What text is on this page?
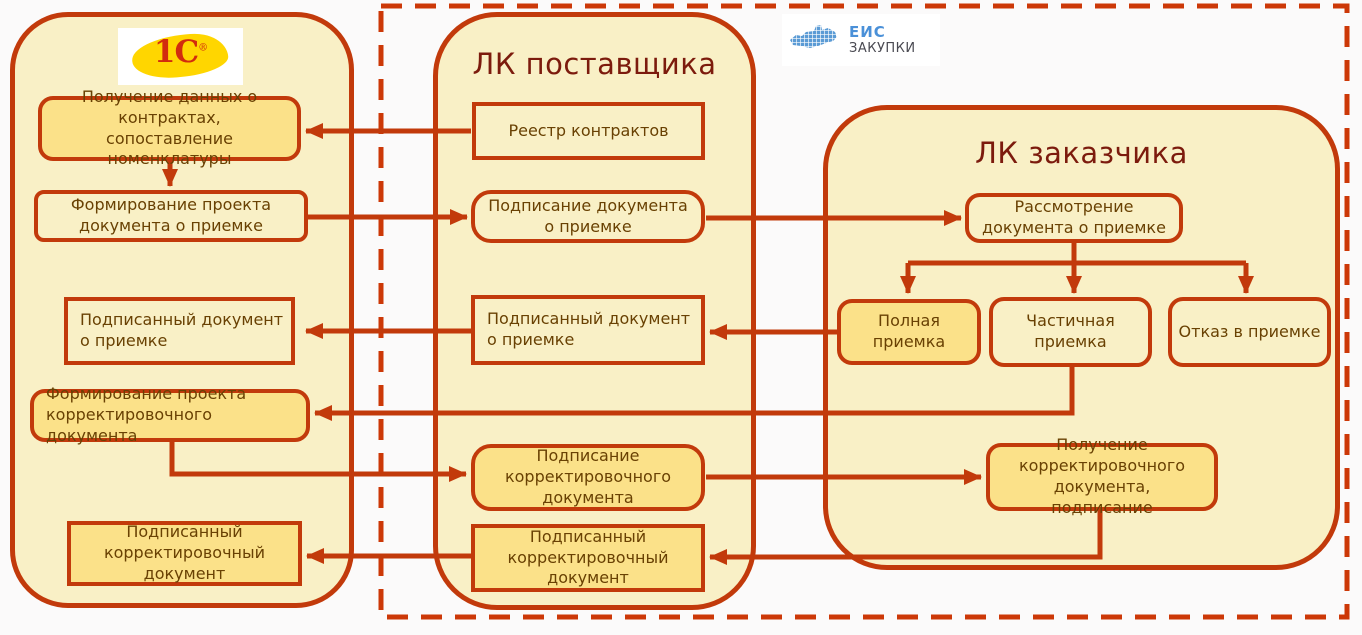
1С®	ЛК поставщика
ЛК заказчика
ЕИС
ЗАКУПКИ
Получение данных о контрактах, сопоставление номенклатуры
Формирование проекта документа о приемке
Подписанный документ о приемке
Формирование проекта корректировочного документа
Подписанный корректировочный документ
Реестр контрактов
Подписание документа о приемке
Подписанный документ о приемке
Подписание корректировочного документа
Подписанный корректировочный документ
Рассмотрение документа о приемке
Полная приемка
Частичная приемка
Отказ в приемке
Получение корректировочного документа, подписание
